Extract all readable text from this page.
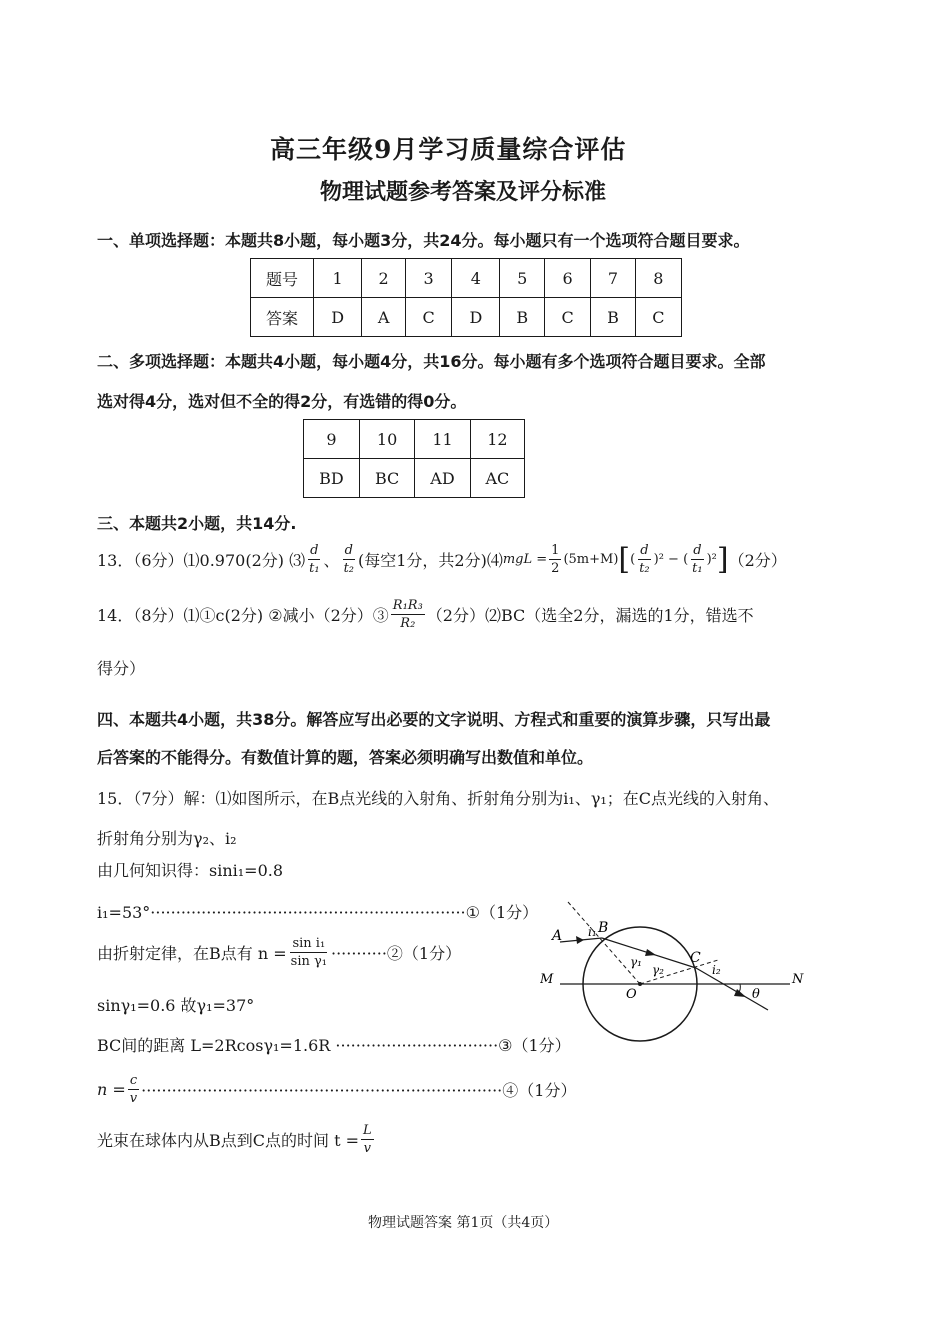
高三年级9月学习质量综合评估
物理试题参考答案及评分标准
一、单项选择题：本题共8小题，每小题3分，共24分。每小题只有一个选项符合题目要求。
题号	1	2	3	4	5	6	7	8
答案	D	A	C	D	B	C	B	C
二、多项选择题：本题共4小题，每小题4分，共16分。每小题有多个选项符合题目要求。全部
选对得4分，选对但不全的得2分，有选错的得0分。
9	10	11	12
BD	BC	AD	AC
三、本题共2小题，共14分.
13．（6分）⑴0.970(2分) ⑶ $\frac{d}{\text{t₁}}$ 、 $\frac{d}{\text{t₂}}$ (每空1分，共2分)⑷ mgL = $\frac{1}{2} (5m+M)$ [ ( $\frac{d}{\text{t₂}} )^2$ − ( $\frac{d}{\text{t₁}} )^2$ ] （2分）
14．（8分）⑴①c(2分) ②减小（2分）③ $\frac{\text{R₁R₃}}{\text{R₂}} (2$分）⑵BC（选全2分，漏选的1分，错选不
得分）
四、本题共4小题，共38分。解答应写出必要的文字说明、方程式和重要的演算步骤，只写出最
后答案的不能得分。有数值计算的题，答案必须明确写出数值和单位。
15．（7分）解：⑴如图所示，在B点光线的入射角、折射角分别为i₁、γ₁；在C点光线的入射角、
折射角分别为γ₂、i₂
由几何知识得：sini₁=0.8
i₁=53°······························································①（1分）
由折射定律，在B点有 $n = \frac{\text{sin i₁}}{\text{sin γ₁}}$ ···········②（1分）
sinγ₁=0.6 故γ₁=37°
BC间的距离 L=2Rcosγ₁=1.6R ································③（1分）
$n = \frac{c}{v}$ ·······································································④（1分）
光束在球体内从B点到C点的时间 $t = \frac{L}{v}$
A	B
C
M	N
O
i₁
γ₁
γ₂	i₂
θ
物理试题答案 第1页（共4页）
